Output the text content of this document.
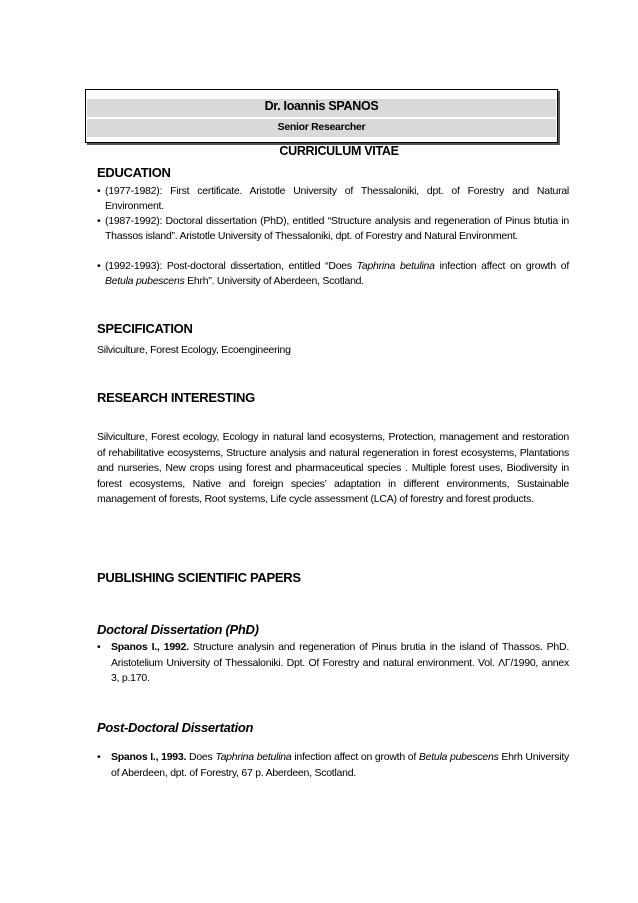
Dr. Ioannis SPANOS
Senior Researcher
CURRICULUM VITAE
EDUCATION
• (1977-1982): First certificate. Aristotle University of Thessaloniki, dpt. of Forestry and Natural Environment.
• (1987-1992): Doctoral dissertation (PhD), entitled “Structure analysis and regeneration of Pinus btutia in Thassos island”. Aristotle University of Thessaloniki, dpt. of Forestry and Natural Environment.
• (1992-1993): Post-doctoral dissertation, entitled “Does Taphrina betulina infection affect on growth of Betula pubescens Ehrh”. University of Aberdeen, Scotland.
SPECIFICATION
Silviculture, Forest Ecology, Ecoengineering
RESEARCH INTERESTING
Silviculture, Forest ecology, Ecology in natural land ecosystems, Protection, management and restoration of rehabilitative ecosystems, Structure analysis and natural regeneration in forest ecosystems, Plantations and nurseries, New crops using forest and pharmaceutical species . Multiple forest uses, Biodiversity in forest ecosystems, Native and foreign species’ adaptation in different environments, Sustainable management of forests, Root systems, Life cycle assessment (LCA) of forestry and forest products.
PUBLISHING SCIENTIFIC PAPERS
Doctoral Dissertation (PhD)
• Spanos I., 1992. Structure analysin and regeneration of Pinus brutia in the island of Thassos. PhD. Aristotelium University of Thessaloniki. Dpt. Of Forestry and natural environment. Vol. ΛΓ/1990, annex 3, p.170.
Post-Doctoral Dissertation
• Spanos I., 1993. Does Taphrina betulina infection affect on growth of Betula pubescens Ehrh University of Aberdeen, dpt. of Forestry, 67 p. Aberdeen, Scotland.
